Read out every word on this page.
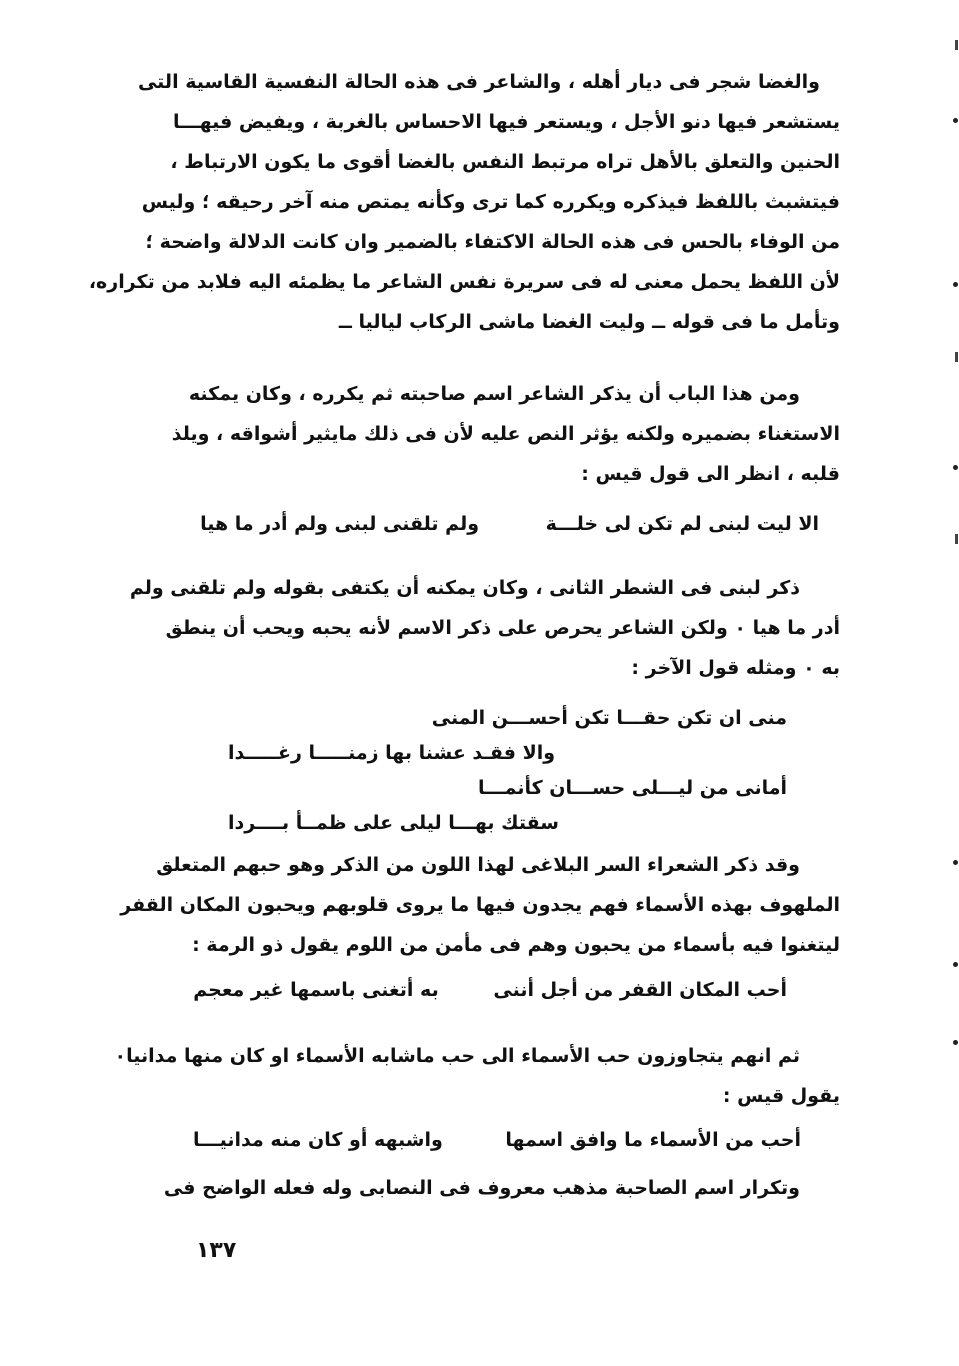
والغضا شجر فى ديار أهله ، والشاعر فى هذه الحالة النفسية القاسية التى
يستشعر فيها دنو الأجل ، ويستعر فيها الاحساس بالغربة ، ويفيض فيهـــا
الحنين والتعلق بالأهل تراه مرتبط النفس بالغضا أقوى ما يكون الارتباط ،
فيتشبث باللفظ فيذكره ويكرره كما ترى وكأنه يمتص منه آخر رحيقه ؛ وليس
من الوفاء بالحس فى هذه الحالة الاكتفاء بالضمير وان كانت الدلالة واضحة ؛
لأن اللفظ يحمل معنى له فى سريرة نفس الشاعر ما يظمئه اليه فلابد من تكراره،
وتأمل ما فى قوله ــ وليت الغضا ماشى الركاب لياليا ــ
ومن هذا الباب أن يذكر الشاعر اسم صاحبته ثم يكرره ، وكان يمكنه
الاستغناء بضميره ولكنه يؤثر النص عليه لأن فى ذلك مايثير أشواقه ، ويلذ
قلبه ، انظر الى قول قيس :
الا ليت لبنى لم تكن لى خلـــة ولم تلقنى لبنى ولم أدر ما هيا
ذكر لبنى فى الشطر الثانى ، وكان يمكنه أن يكتفى بقوله ولم تلقنى ولم
أدر ما هيا ٠ ولكن الشاعر يحرص على ذكر الاسم لأنه يحبه ويحب أن ينطق
به ٠ ومثله قول الآخر :
منى ان تكن حقـــا تكن أحســـن المنى
والا فقـد عشنا بها زمنـــــا رغـــــدا
أمانى من ليـــلى حســـان كأنمـــا
سقتك بهـــا ليلى على ظمــأ بــــردا
وقد ذكر الشعراء السر البلاغى لهذا اللون من الذكر وهو حبهم المتعلق
الملهوف بهذه الأسماء فهم يجدون فيها ما يروى قلوبهم ويحبون المكان القفر
ليتغنوا فيه بأسماء من يحبون وهم فى مأمن من اللوم يقول ذو الرمة :
أحب المكان القفر من أجل أننى به أتغنى باسمها غير معجم
ثم انهم يتجاوزون حب الأسماء الى حب ماشابه الأسماء او كان منها مدانيا٠
يقول قيس :
أحب من الأسماء ما وافق اسمها واشبهه أو كان منه مدانيـــا
وتكرار اسم الصاحبة مذهب معروف فى النصابى وله فعله الواضح فى
١٣٧
